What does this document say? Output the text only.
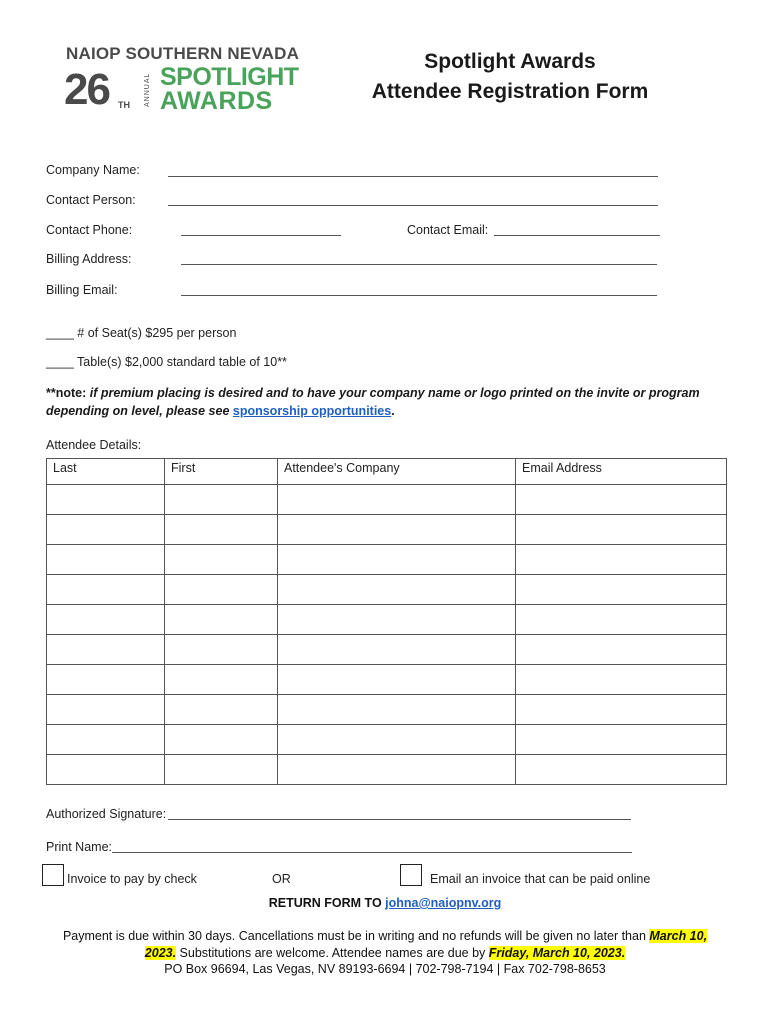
NAIOP SOUTHERN NEVADA
26 TH ANNUAL SPOTLIGHT
AWARDS
Spotlight Awards
Attendee Registration Form
Company Name:
Contact Person:
Contact Phone:	Contact Email:
Billing Address:
Billing Email:
____ # of Seat(s) $295 per person
____ Table(s) $2,000 standard table of 10**
**note: if premium placing is desired and to have your company name or logo printed on the invite or program depending on level, please see sponsorship opportunities.
Attendee Details:
Last	First	Attendee's Company	Email Address

Authorized Signature:
Print Name:
Invoice to pay by check	OR	Email an invoice that can be paid online
RETURN FORM TO johna@naiopnv.org
Payment is due within 30 days. Cancellations must be in writing and no refunds will be given no later than March 10, 2023. Substitutions are welcome. Attendee names are due by Friday, March 10, 2023.
PO Box 96694, Las Vegas, NV 89193-6694 | 702-798-7194 | Fax 702-798-8653
